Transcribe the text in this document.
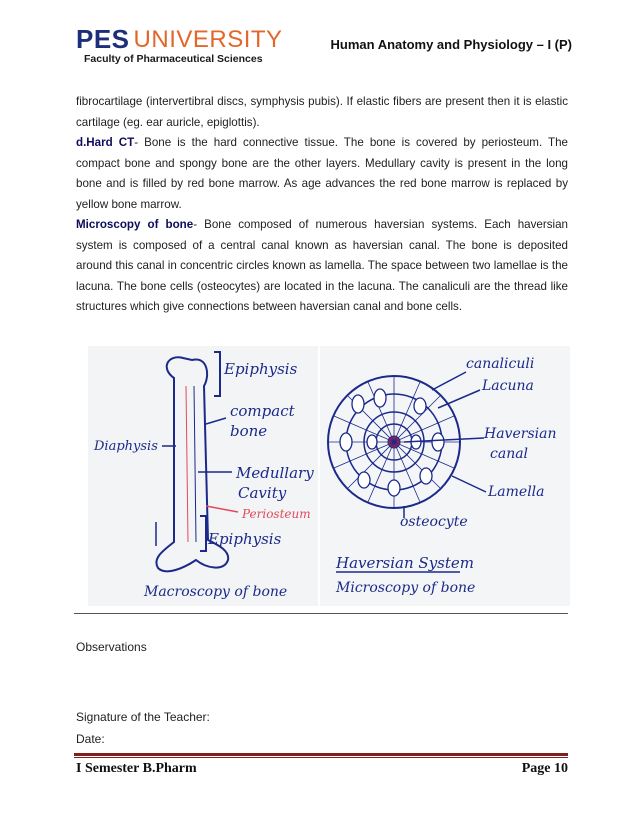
PES UNIVERSITY
Faculty of Pharmaceutical Sciences
Human Anatomy and Physiology – I (P)

fibrocartilage (intervertibral discs, symphysis pubis). If elastic fibers are present then it is elastic cartilage (eg. ear auricle, epiglottis).

d.Hard CT- Bone is the hard connective tissue. The bone is covered by periosteum. The compact bone and spongy bone are the other layers. Medullary cavity is present in the long bone and is filled by red bone marrow. As age advances the red bone marrow is replaced by yellow bone marrow.

Microscopy of bone- Bone composed of numerous haversian systems. Each haversian system is composed of a central canal known as haversian canal. The bone is deposited around this canal in concentric circles known as lamella. The space between two lamellae is the lacuna. The bone cells (osteocytes) are located in the lacuna. The canaliculi are the thread like structures which give connections between haversian canal and bone cells.

Epiphysis
compact
bone
Diaphysis
Medullary
Cavity
Periosteum
Epiphysis
Macroscopy of bone
canaliculi
Lacuna
Haversian
canal
Lamella
osteocyte
Haversian System
Microscopy of bone
Observations
Signature of the Teacher:
Date:
I Semester B.Pharm	Page 10
